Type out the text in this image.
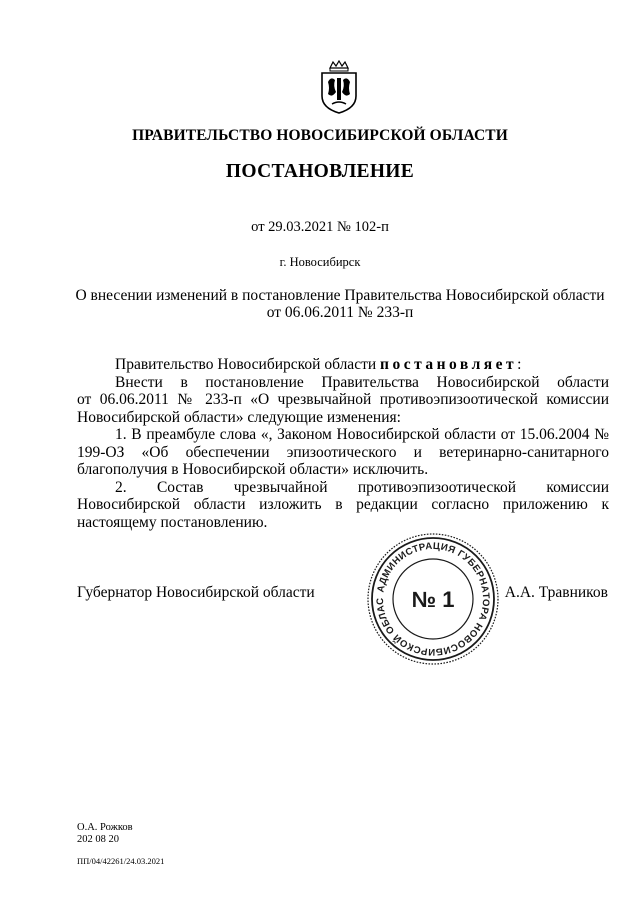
ПРАВИТЕЛЬСТВО НОВОСИБИРСКОЙ ОБЛАСТИ
ПОСТАНОВЛЕНИЕ
от 29.03.2021 № 102-п
г. Новосибирск
О внесении изменений в постановление Правительства Новосибирской области
от 06.06.2011 № 233-п

Правительство Новосибирской области постановляет:

Внести в постановление Правительства Новосибирской области

от 06.06.2011 № 233-п «О чрезвычайной противоэпизоотической комиссии Новосибирской области» следующие изменения:

1. В преамбуле слова «, Законом Новосибирской области от 15.06.2004 № 199-ОЗ «Об обеспечении эпизоотического и ветеринарно-санитарного благополучия в Новосибирской области» исключить.

2. Состав чрезвычайной противоэпизоотической комиссии Новосибирской области изложить в редакции согласно приложению к настоящему постановлению.

Губернатор Новосибирской области	А.А. Травников
АДМИНИСТРАЦИЯ ГУБЕРНАТОРА НОВОСИБИРСКОЙ ОБЛАС	№ 1
О.А. Рожков
202 08 20
ПП/04/42261/24.03.2021
